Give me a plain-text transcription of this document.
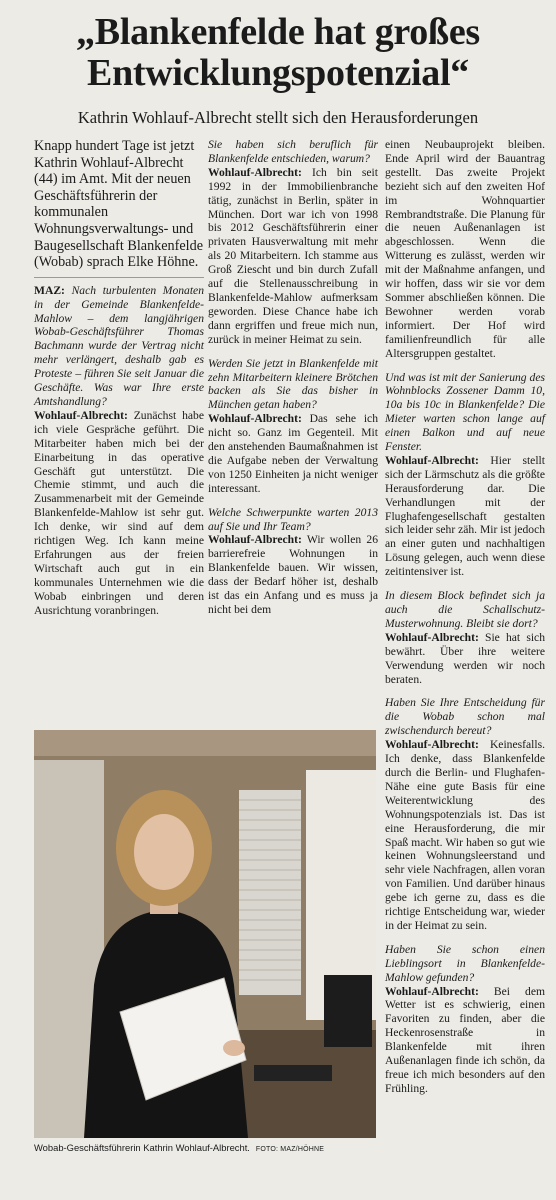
„Blankenfelde hat großes
Entwicklungspotenzial“

Kathrin Wohlauf-Albrecht stellt sich den Herausforderungen

Knapp hundert Tage ist jetzt Kathrin Wohlauf-Albrecht (44) im Amt. Mit der neuen Geschäftsführerin der kommunalen Wohnungsverwaltungs- und Baugesellschaft Blankenfelde (Wobab) sprach Elke Höhne.

MAZ: Nach turbulenten Monaten in der Gemeinde Blankenfelde-Mahlow – dem langjährigen Wobab-Geschäftsführer Thomas Bachmann wurde der Vertrag nicht mehr verlängert, deshalb gab es Proteste – führen Sie seit Januar die Geschäfte. Was war Ihre erste Amtshandlung?

Wohlauf-Albrecht: Zunächst habe ich viele Gespräche geführt. Die Mitarbeiter haben mich bei der Einarbeitung in das operative Geschäft gut unterstützt. Die Chemie stimmt, und auch die Zusammenarbeit mit der Gemeinde Blankenfelde-Mahlow ist sehr gut. Ich denke, wir sind auf dem richtigen Weg. Ich kann meine Erfahrungen aus der freien Wirtschaft auch gut in ein kommunales Unternehmen wie die Wobab einbringen und deren Ausrichtung voranbringen.

Sie haben sich beruflich für Blankenfelde entschieden, warum?

Wohlauf-Albrecht: Ich bin seit 1992 in der Immobilienbranche tätig, zunächst in Berlin, später in München. Dort war ich von 1998 bis 2012 Geschäftsführerin einer privaten Hausverwaltung mit mehr als 20 Mitarbeitern. Ich stamme aus Groß Ziescht und bin durch Zufall auf die Stellenausschreibung in Blankenfelde-Mahlow aufmerksam geworden. Diese Chance habe ich dann ergriffen und freue mich nun, zurück in meiner Heimat zu sein.

Werden Sie jetzt in Blankenfelde mit zehn Mitarbeitern kleinere Brötchen backen als Sie das bisher in München getan haben?

Wohlauf-Albrecht: Das sehe ich nicht so. Ganz im Gegenteil. Mit den anstehenden Baumaßnahmen ist die Aufgabe neben der Verwaltung von 1250 Einheiten ja nicht weniger interessant.

Welche Schwerpunkte warten 2013 auf Sie und Ihr Team?

Wohlauf-Albrecht: Wir wollen 26 barrierefreie Wohnungen in Blankenfelde bauen. Wir wissen, dass der Bedarf höher ist, deshalb ist das ein Anfang und es muss ja nicht bei dem

einen Neubauprojekt bleiben. Ende April wird der Bauantrag gestellt. Das zweite Projekt bezieht sich auf den zweiten Hof im Wohnquartier Rembrandtstraße. Die Planung für die neuen Außenanlagen ist abgeschlossen. Wenn die Witterung es zulässt, werden wir mit der Maßnahme anfangen, und wir hoffen, dass wir sie vor dem Sommer abschließen können. Die Bewohner werden vorab informiert. Der Hof wird familienfreundlich für alle Altersgruppen gestaltet.

Und was ist mit der Sanierung des Wohnblocks Zossener Damm 10, 10a bis 10c in Blankenfelde? Die Mieter warten schon lange auf einen Balkon und auf neue Fenster.

Wohlauf-Albrecht: Hier stellt sich der Lärmschutz als die größte Herausforderung dar. Die Verhandlungen mit der Flughafengesellschaft gestalten sich leider sehr zäh. Mir ist jedoch an einer guten und nachhaltigen Lösung gelegen, auch wenn diese zeitintensiver ist.

In diesem Block befindet sich ja auch die Schallschutz-Musterwohnung. Bleibt sie dort?

Wohlauf-Albrecht: Sie hat sich bewährt. Über ihre weitere Verwendung werden wir noch beraten.

Haben Sie Ihre Entscheidung für die Wobab schon mal zwischendurch bereut?

Wohlauf-Albrecht: Keinesfalls. Ich denke, dass Blankenfelde durch die Berlin- und Flughafen-Nähe eine gute Basis für eine Weiterentwicklung des Wohnungspotenzials ist. Das ist eine Herausforderung, die mir Spaß macht. Wir haben so gut wie keinen Wohnungsleerstand und sehr viele Nachfragen, allen voran von Familien. Und darüber hinaus gebe ich gerne zu, dass es die richtige Entscheidung war, wieder in der Heimat zu sein.

Haben Sie schon einen Lieblingsort in Blankenfelde-Mahlow gefunden?

Wohlauf-Albrecht: Bei dem Wetter ist es schwierig, einen Favoriten zu finden, aber die Heckenrosenstraße in Blankenfelde mit ihren Außenanlagen finde ich schön, da freue ich mich besonders auf den Frühling.

Wobab-Geschäftsführerin Kathrin Wohlauf-Albrecht. FOTO: MAZ/HÖHNE
